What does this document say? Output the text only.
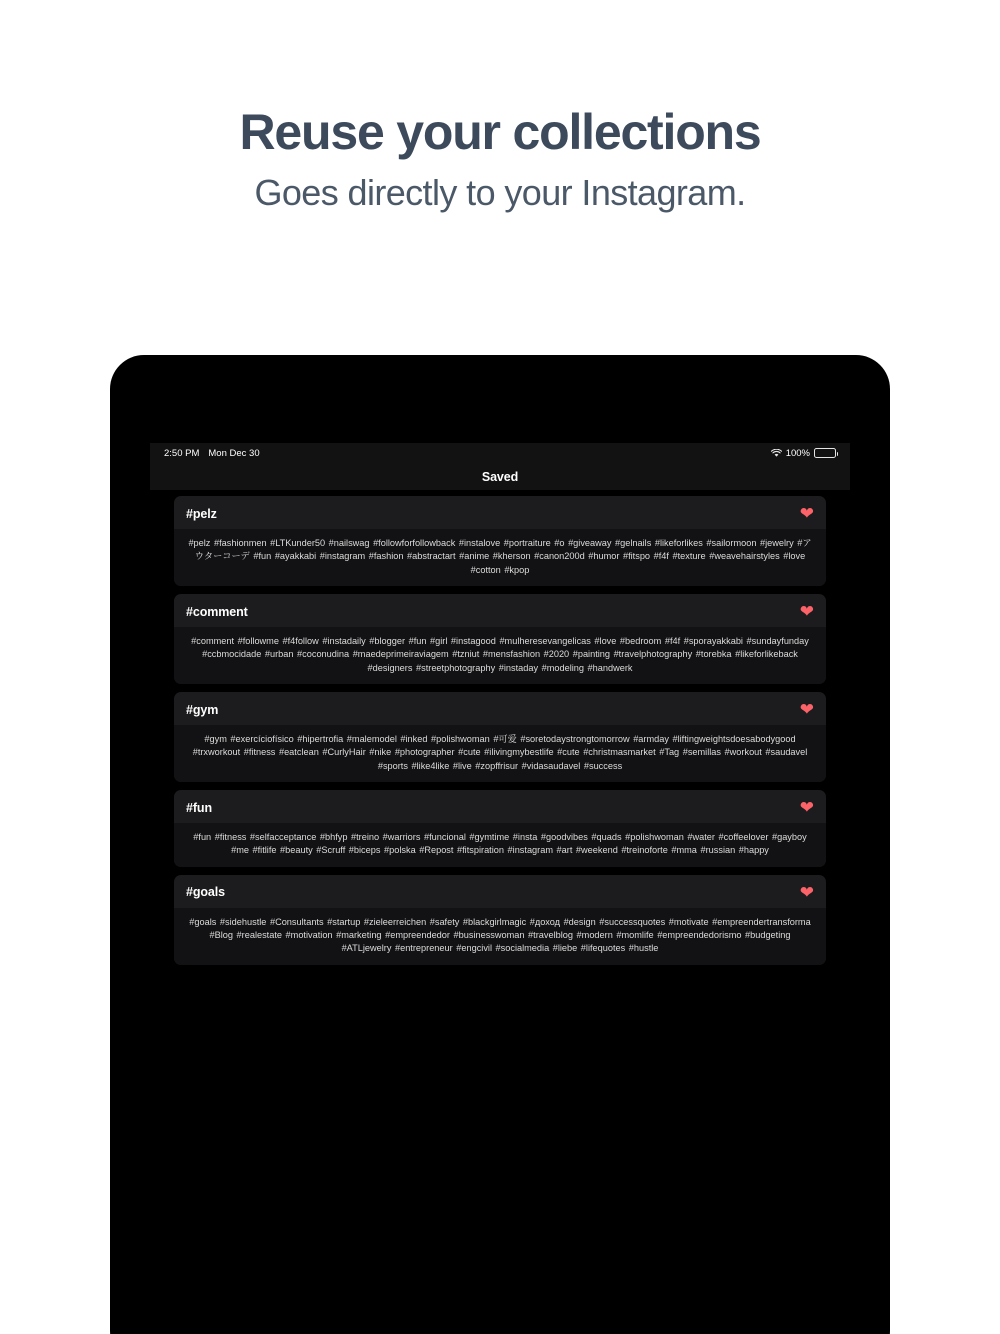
Reuse your collections
Goes directly to your Instagram.
2:50 PM Mon Dec 30	100%
Saved
#pelz	❤
#pelz #fashionmen #LTKunder50 #nailswag #followforfollowback #instalove #portraiture #o #giveaway #gelnails #likeforlikes #sailormoon #jewelry #アウターコーデ #fun #ayakkabi #instagram #fashion #abstractart #anime #kherson #canon200d #humor #fitspo #f4f #texture #weavehairstyles #love #cotton #kpop
#comment	❤
#comment #followme #f4follow #instadaily #blogger #fun #girl #instagood #mulheresevangelicas #love #bedroom #f4f #sporayakkabi #sundayfunday #ccbmocidade #urban #coconudina #maedeprimeiraviagem #tzniut #mensfashion #2020 #painting #travelphotography #torebka #likeforlikeback #designers #streetphotography #instaday #modeling #handwerk
#gym	❤
#gym #exercíciofísico #hipertrofia #malemodel #inked #polishwoman #可爱 #soretodaystrongtomorrow #armday #liftingweightsdoesabodygood #trxworkout #fitness #eatclean #CurlyHair #nike #photographer #cute #ilivingmybestlife #cute #christmasmarket #Tag #semillas #workout #saudavel #sports #like4like #live #zopffrisur #vidasaudavel #success
#fun	❤
#fun #fitness #selfacceptance #bhfyp #treino #warriors #funcional #gymtime #insta #goodvibes #quads #polishwoman #water #coffeelover #gayboy #me #fitlife #beauty #Scruff #biceps #polska #Repost #fitspiration #instagram #art #weekend #treinoforte #mma #russian #happy
#goals	❤
#goals #sidehustle #Consultants #startup #zieleerreichen #safety #blackgirlmagic #доход #design #successquotes #motivate #empreendertransforma #Blog #realestate #motivation #marketing #empreendedor #businesswoman #travelblog #modern #momlife #empreendedorismo #budgeting #ATLjewelry #entrepreneur #engcivil #socialmedia #liebe #lifequotes #hustle
